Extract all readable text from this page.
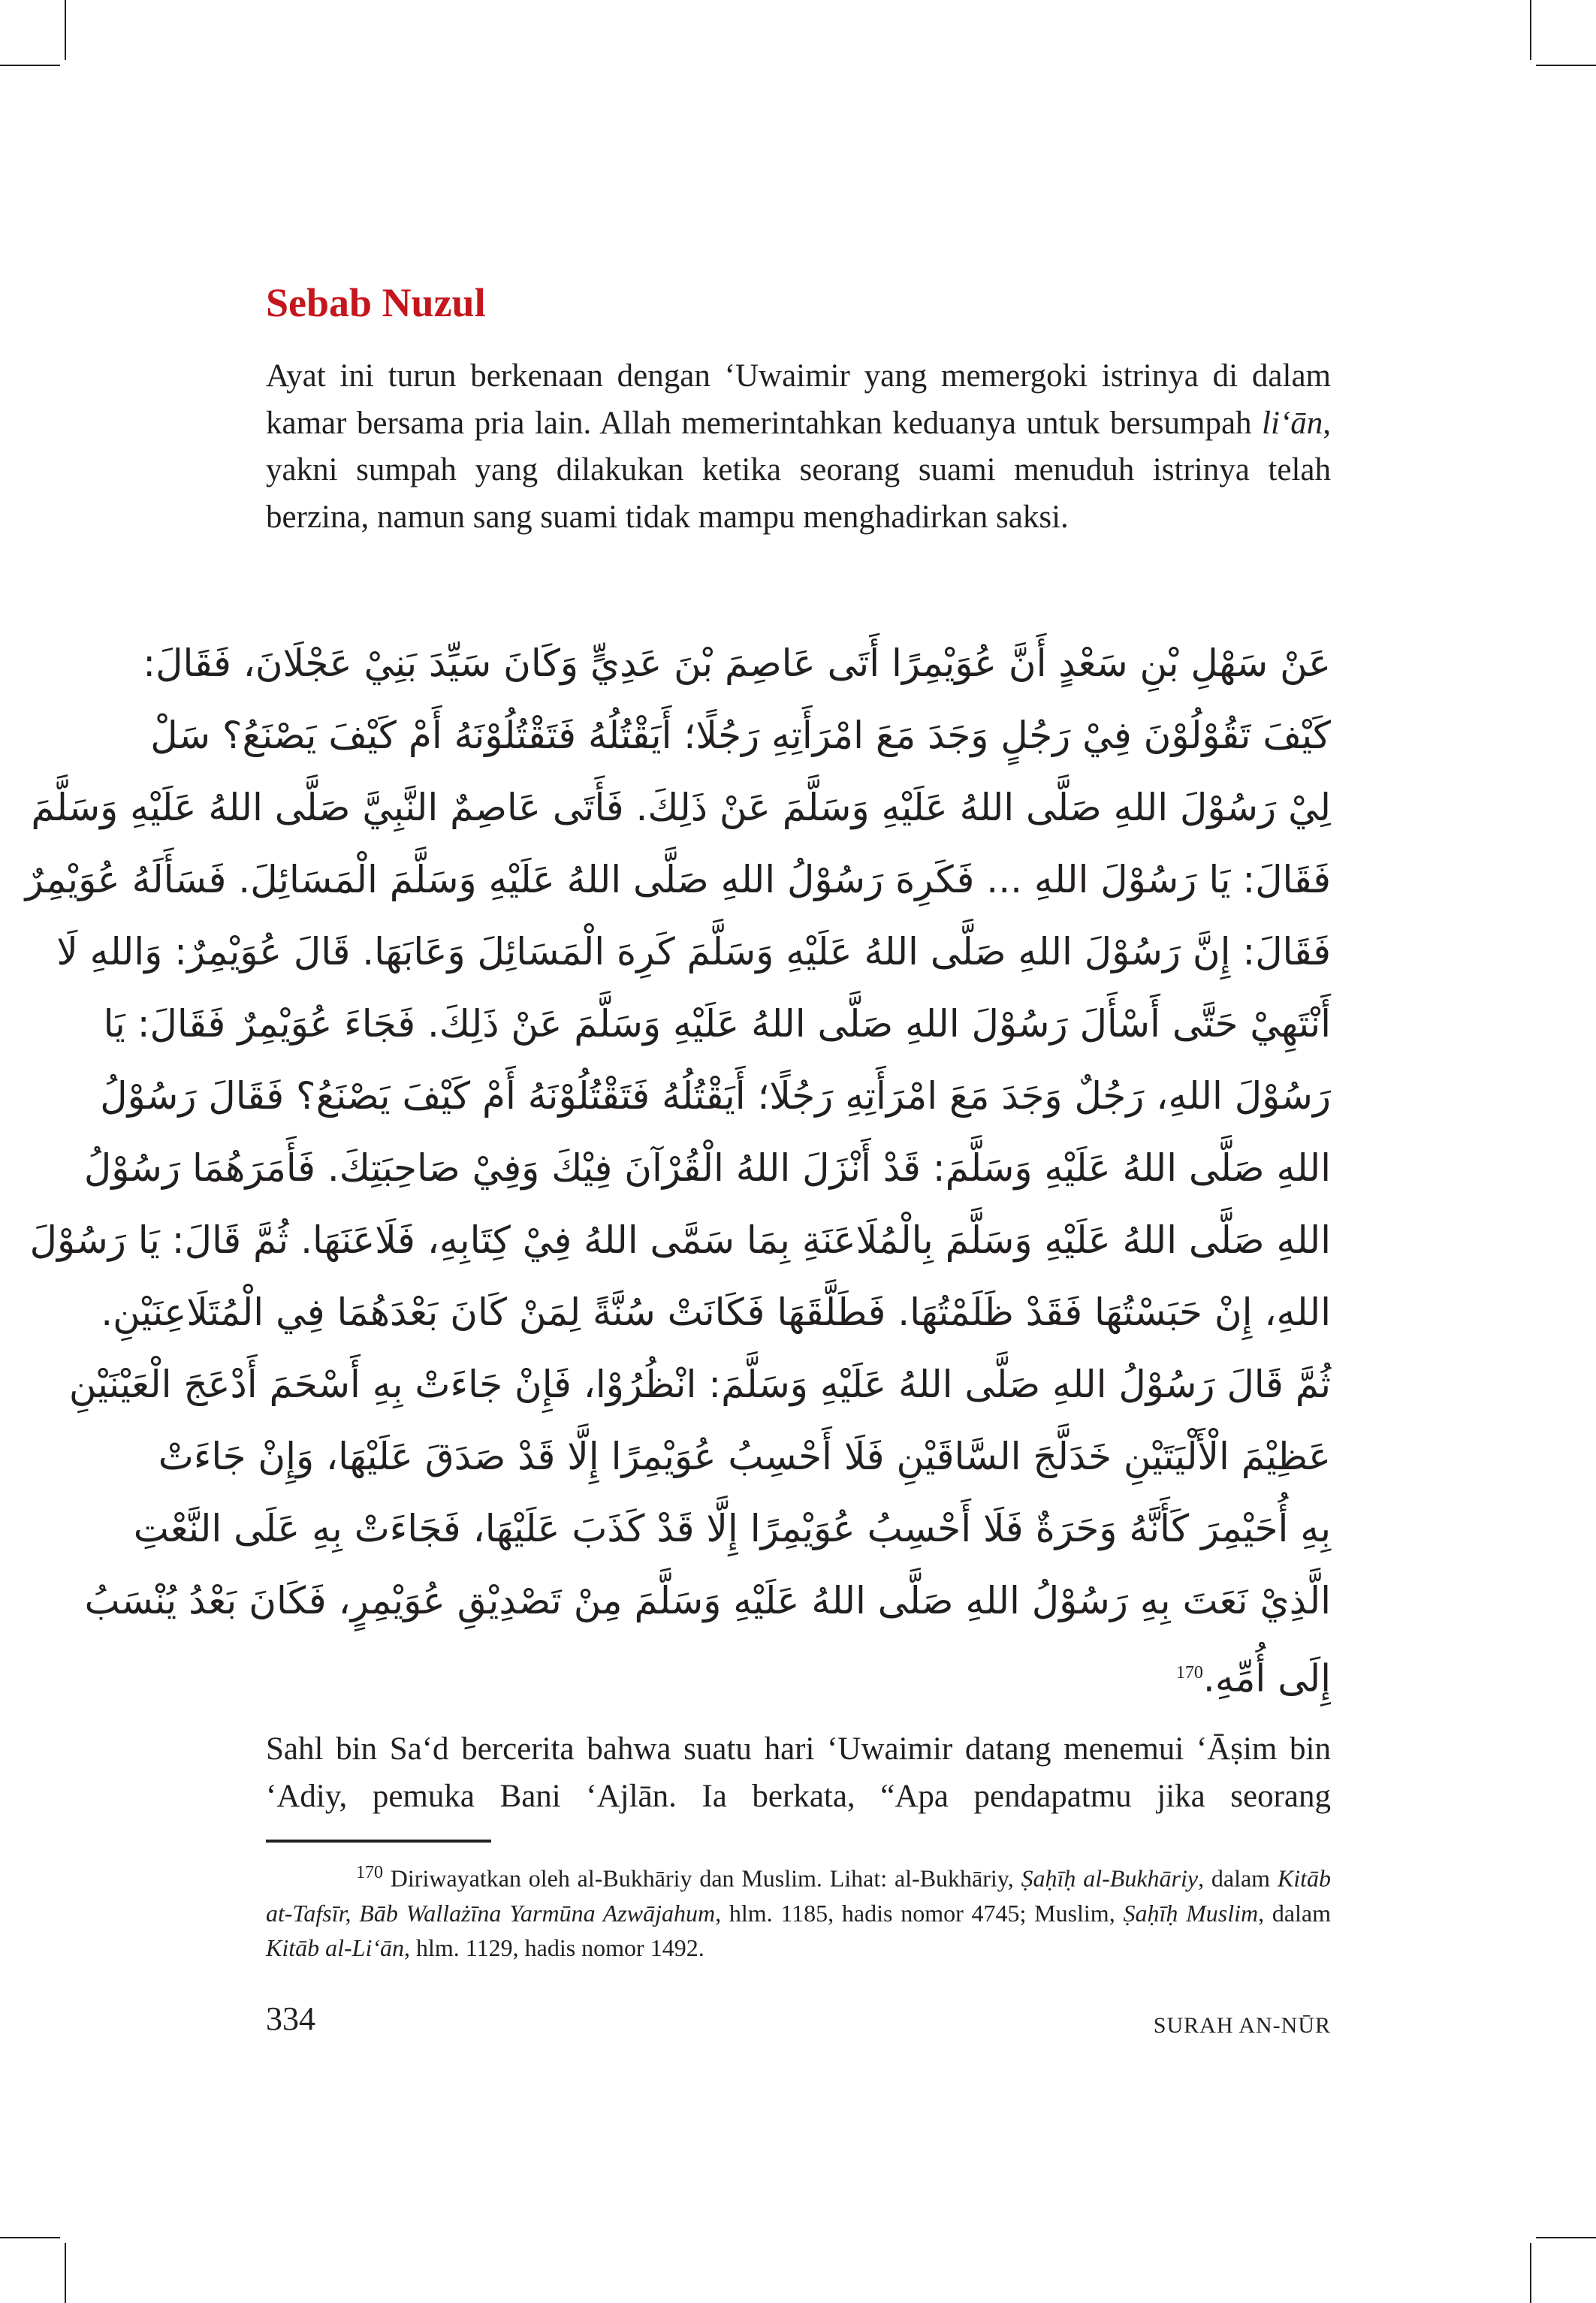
Sebab Nuzul

Ayat ini turun berkenaan dengan ‘Uwaimir yang memergoki istrinya di dalam kamar bersama pria lain. Allah memerintahkan keduanya untuk bersumpah li‘ān, yakni sumpah yang dilakukan ketika seorang suami menuduh istrinya telah berzina, namun sang suami tidak mampu menghadirkan saksi.

عَنْ سَهْلِ بْنِ سَعْدٍ أَنَّ عُوَيْمِرًا أَتَى عَاصِمَ بْنَ عَدِيٍّ وَكَانَ سَيِّدَ بَنِيْ عَجْلَانَ، فَقَالَ:
كَيْفَ تَقُوْلُوْنَ فِيْ رَجُلٍ وَجَدَ مَعَ امْرَأَتِهِ رَجُلًا؛ أَيَقْتُلُهُ فَتَقْتُلُوْنَهُ أَمْ كَيْفَ يَصْنَعُ؟ سَلْ
لِيْ رَسُوْلَ اللهِ صَلَّى اللهُ عَلَيْهِ وَسَلَّمَ عَنْ ذَلِكَ. فَأَتَى عَاصِمٌ النَّبِيَّ صَلَّى اللهُ عَلَيْهِ وَسَلَّمَ
فَقَالَ: يَا رَسُوْلَ اللهِ ... فَكَرِهَ رَسُوْلُ اللهِ صَلَّى اللهُ عَلَيْهِ وَسَلَّمَ الْمَسَائِلَ. فَسَأَلَهُ عُوَيْمِرٌ
فَقَالَ: إِنَّ رَسُوْلَ اللهِ صَلَّى اللهُ عَلَيْهِ وَسَلَّمَ كَرِهَ الْمَسَائِلَ وَعَابَهَا. قَالَ عُوَيْمِرٌ: وَاللهِ لَا
أَنْتَهِيْ حَتَّى أَسْأَلَ رَسُوْلَ اللهِ صَلَّى اللهُ عَلَيْهِ وَسَلَّمَ عَنْ ذَلِكَ. فَجَاءَ عُوَيْمِرٌ فَقَالَ: يَا
رَسُوْلَ اللهِ، رَجُلٌ وَجَدَ مَعَ امْرَأَتِهِ رَجُلًا؛ أَيَقْتُلُهُ فَتَقْتُلُوْنَهُ أَمْ كَيْفَ يَصْنَعُ؟ فَقَالَ رَسُوْلُ
اللهِ صَلَّى اللهُ عَلَيْهِ وَسَلَّمَ: قَدْ أَنْزَلَ اللهُ الْقُرْآنَ فِيْكَ وَفِيْ صَاحِبَتِكَ. فَأَمَرَهُمَا رَسُوْلُ
اللهِ صَلَّى اللهُ عَلَيْهِ وَسَلَّمَ بِالْمُلَاعَنَةِ بِمَا سَمَّى اللهُ فِيْ كِتَابِهِ، فَلَاعَنَهَا. ثُمَّ قَالَ: يَا رَسُوْلَ
اللهِ، إِنْ حَبَسْتُهَا فَقَدْ ظَلَمْتُهَا. فَطَلَّقَهَا فَكَانَتْ سُنَّةً لِمَنْ كَانَ بَعْدَهُمَا فِي الْمُتَلَاعِنَيْنِ.
ثُمَّ قَالَ رَسُوْلُ اللهِ صَلَّى اللهُ عَلَيْهِ وَسَلَّمَ: انْظُرُوْا، فَإِنْ جَاءَتْ بِهِ أَسْحَمَ أَدْعَجَ الْعَيْنَيْنِ
عَظِيْمَ الْأَلْيَتَيْنِ خَدَلَّجَ السَّاقَيْنِ فَلَا أَحْسِبُ عُوَيْمِرًا إِلَّا قَدْ صَدَقَ عَلَيْهَا، وَإِنْ جَاءَتْ
بِهِ أُحَيْمِرَ كَأَنَّهُ وَحَرَةٌ فَلَا أَحْسِبُ عُوَيْمِرًا إِلَّا قَدْ كَذَبَ عَلَيْهَا، فَجَاءَتْ بِهِ عَلَى النَّعْتِ
الَّذِيْ نَعَتَ بِهِ رَسُوْلُ اللهِ صَلَّى اللهُ عَلَيْهِ وَسَلَّمَ مِنْ تَصْدِيْقِ عُوَيْمِرٍ، فَكَانَ بَعْدُ يُنْسَبُ
إِلَى أُمِّهِ.$^{170}$

Sahl bin Sa‘d bercerita bahwa suatu hari ‘Uwaimir datang menemui ‘Āṣim bin ‘Adiy, pemuka Bani ‘Ajlān. Ia berkata, “Apa pendapatmu jika seorang

$^{170}$ Diriwayatkan oleh al-Bukhāriy dan Muslim. Lihat: al-Bukhāriy, Ṣaḥīḥ al-Bukhāriy, dalam Kitāb at-Tafsīr, Bāb Wallażīna Yarmūna Azwājahum, hlm. 1185, hadis nomor 4745; Muslim, Ṣaḥīḥ Muslim, dalam Kitāb al-Li‘ān, hlm. 1129, hadis nomor 1492.

334	SURAH AN-NŪR
